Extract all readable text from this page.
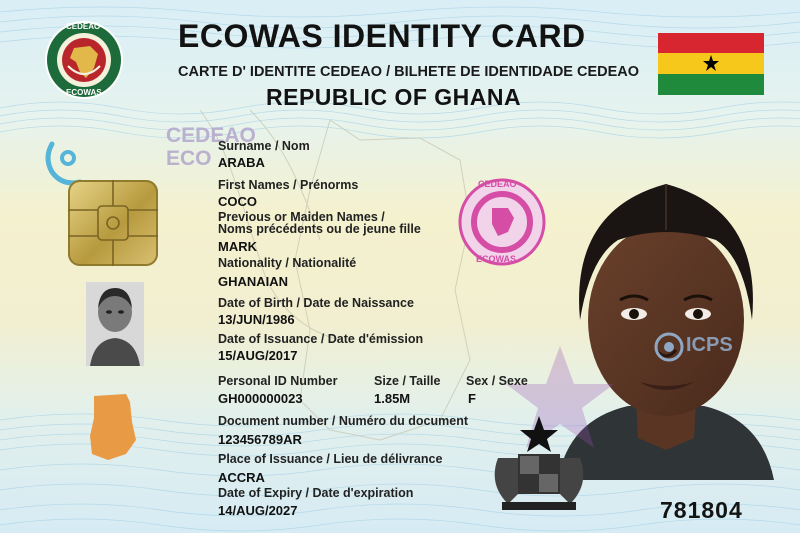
CEDEAO
ECOWAS
ECOWAS IDENTITY CARD
CARTE D' IDENTITE CEDEAO / BILHETE DE IDENTIDADE CEDEAO
REPUBLIC OF GHANA
CEDEAO
ECO
CEDEAO
ECOWAS
ICPS
Surname / Nom
ARABA
First Names / Prénorms
COCO
Previous or Maiden Names /
Noms précédents ou de jeune fille
MARK
Nationality / Nationalité
GHANAIAN
Date of Birth / Date de Naissance
13/JUN/1986
Date of Issuance / Date d'émission
15/AUG/2017
Personal ID Number
GH000000023
Size / Taille
1.85M
Sex / Sexe
F
Document number / Numéro du document
123456789AR
Place of Issuance / Lieu de délivrance
ACCRA
Date of Expiry / Date d'expiration
14/AUG/2027	781804
